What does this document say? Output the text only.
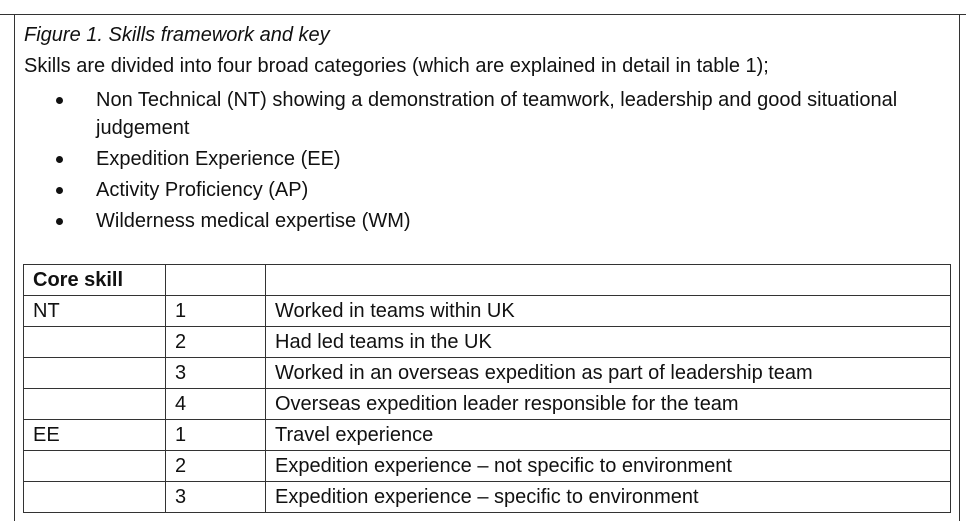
Figure 1. Skills framework and key
Skills are divided into four broad categories (which are explained in detail in table 1);
Non Technical (NT) showing a demonstration of teamwork, leadership and good situational judgement
Expedition Experience (EE)
Activity Proficiency (AP)
Wilderness medical expertise (WM)
Core skill		
NT	1	Worked in teams within UK
	2	Had led teams in the UK
	3	Worked in an overseas expedition as part of leadership team
	4	Overseas expedition leader responsible for the team
EE	1	Travel experience
	2	Expedition experience – not specific to environment
	3	Expedition experience – specific to environment
